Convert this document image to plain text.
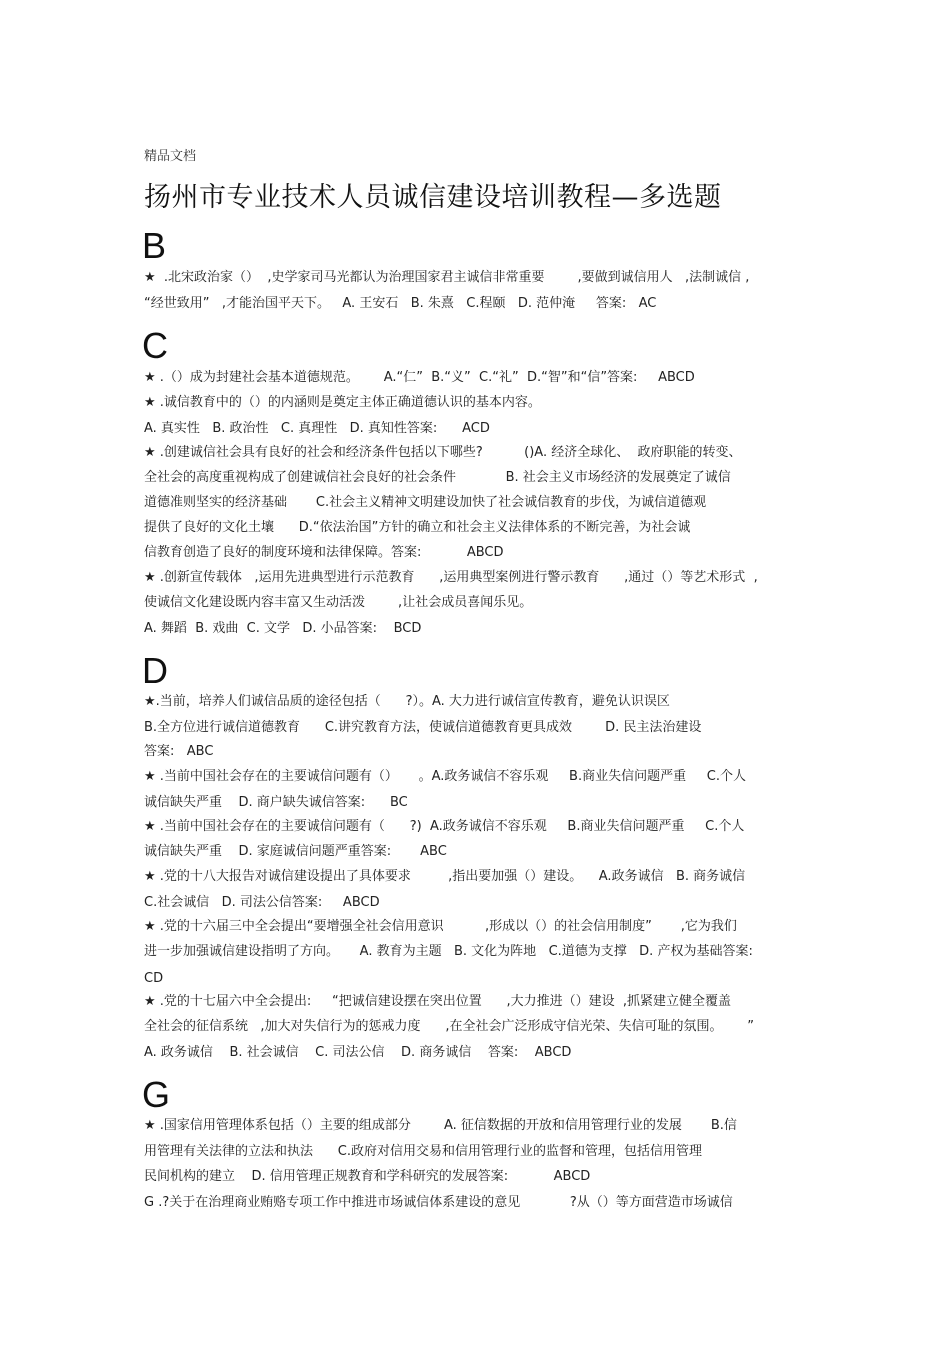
精品文档
扬州市专业技术人员诚信建设培训教程—多选题
B
★  .北宋政治家（）  ,史学家司马光都认为治理国家君主诚信非常重要        ,要做到诚信用人   ,法制诚信 ,
“经世致用”   ,才能治国平天下。   A. 王安石   B. 朱熹   C.程颐   D. 范仲淹     答案:   AC
C
★ .（）成为封建社会基本道德规范。      A.“仁”  B.“义”  C.“礼”  D.“智”和“信”答案:     ABCD
★ .诚信教育中的（）的内涵则是奠定主体正确道德认识的基本内容。
A. 真实性   B. 政治性   C. 真理性   D. 真知性答案:      ACD
★ .创建诚信社会具有良好的社会和经济条件包括以下哪些?          ()A. 经济全球化、  政府职能的转变、
全社会的高度重视构成了创建诚信社会良好的社会条件            B. 社会主义市场经济的发展奠定了诚信
道德准则坚实的经济基础       C.社会主义精神文明建设加快了社会诚信教育的步伐，为诚信道德观
提供了良好的文化土壤      D.“依法治国”方针的确立和社会主义法律体系的不断完善，为社会诚
信教育创造了良好的制度环境和法律保障。答案:           ABCD
★ .创新宣传载体   ,运用先进典型进行示范教育      ,运用典型案例进行警示教育      ,通过（）等艺术形式  ,
使诚信文化建设既内容丰富又生动活泼        ,让社会成员喜闻乐见。
A. 舞蹈  B. 戏曲  C. 文学   D. 小品答案:    BCD
D
★.当前，培养人们诚信品质的途径包括（      ?）。A. 大力进行诚信宣传教育，避免认识误区
B.全方位进行诚信道德教育      C.讲究教育方法，使诚信道德教育更具成效        D. 民主法治建设
答案:   ABC
★ .当前中国社会存在的主要诚信问题有（）     。A.政务诚信不容乐观     B.商业失信问题严重     C.个人
诚信缺失严重    D. 商户缺失诚信答案:      BC
★ .当前中国社会存在的主要诚信问题有（      ?)  A.政务诚信不容乐观     B.商业失信问题严重     C.个人
诚信缺失严重    D. 家庭诚信问题严重答案:       ABC
★ .党的十八大报告对诚信建设提出了具体要求         ,指出要加强（）建设。    A.政务诚信   B. 商务诚信
C.社会诚信   D. 司法公信答案:     ABCD
★ .党的十六届三中全会提出“要增强全社会信用意识          ,形成以（）的社会信用制度”       ,它为我们
进一步加强诚信建设指明了方向。     A. 教育为主题   B. 文化为阵地   C.道德为支撑   D. 产权为基础答案:
CD
★ .党的十七届六中全会提出:     “把诚信建设摆在突出位置      ,大力推进（）建设  ,抓紧建立健全覆盖
全社会的征信系统   ,加大对失信行为的惩戒力度      ,在全社会广泛形成守信光荣、失信可耻的氛围。      ”
A. 政务诚信    B. 社会诚信    C. 司法公信    D. 商务诚信    答案:    ABCD
G
★ .国家信用管理体系包括（）主要的组成部分        A. 征信数据的开放和信用管理行业的发展       B.信
用管理有关法律的立法和执法      C.政府对信用交易和信用管理行业的监督和管理，包括信用管理
民间机构的建立    D. 信用管理正规教育和学科研究的发展答案:           ABCD
G .?关于在治理商业贿赂专项工作中推进市场诚信体系建设的意见            ?从（）等方面营造市场诚信
